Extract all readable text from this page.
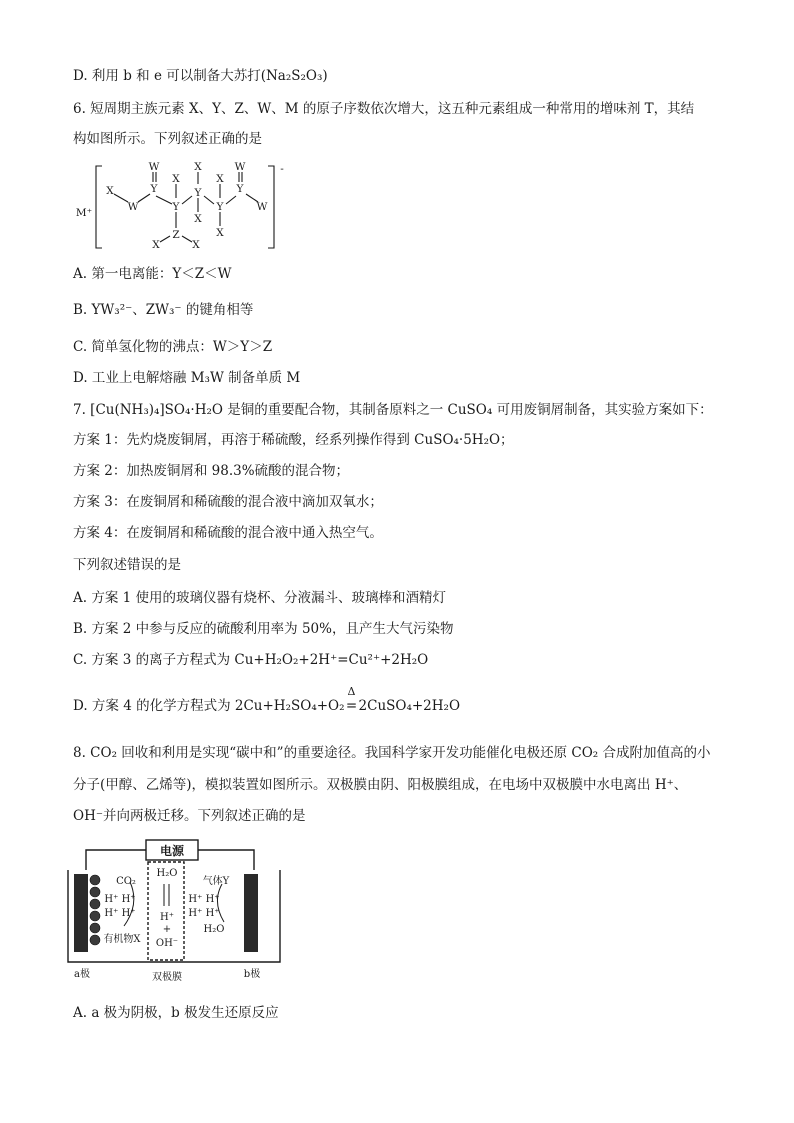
D. 利用 b 和 e 可以制备大苏打(Na₂S₂O₃)
6. 短周期主族元素 X、Y、Z、W、M 的原子序数依次增大，这五种元素组成一种常用的增味剂 T，其结
构如图所示。下列叙述正确的是
M⁺
-
W	W
X
X
X	X
X
X
X	X
Y
Y
Y
Y
Y
W	W
Z
A. 第一电离能：Y＜Z＜W
B. YW₃²⁻、ZW₃⁻ 的键角相等
C. 简单氢化物的沸点：W＞Y＞Z
D. 工业上电解熔融 M₃W 制备单质 M
7. [Cu(NH₃)₄]SO₄·H₂O 是铜的重要配合物，其制备原料之一 CuSO₄ 可用废铜屑制备，其实验方案如下：
方案 1：先灼烧废铜屑，再溶于稀硫酸，经系列操作得到 CuSO₄·5H₂O；
方案 2：加热废铜屑和 98.3%硫酸的混合物；
方案 3：在废铜屑和稀硫酸的混合液中滴加双氧水；
方案 4：在废铜屑和稀硫酸的混合液中通入热空气。
下列叙述错误的是
A. 方案 1 使用的玻璃仪器有烧杯、分液漏斗、玻璃棒和酒精灯
B. 方案 2 中参与反应的硫酸利用率为 50%，且产生大气污染物
C. 方案 3 的离子方程式为 Cu+H₂O₂+2H⁺=Cu²⁺+2H₂O
D. 方案 4 的化学方程式为 2Cu+H₂SO₄+O₂
Δ
=2CuSO₄+2H₂O
8. CO₂ 回收和利用是实现“碳中和”的重要途径。我国科学家开发功能催化电极还原 CO₂ 合成附加值高的小
分子(甲醇、乙烯等)，模拟装置如图所示。双极膜由阴、阳极膜组成，在电场中双极膜中水电离出 H⁺、
OH⁻并向两极迁移。下列叙述正确的是
电源
CO₂
H⁺ H⁺
H⁺ H⁺
有机物X
H₂O
H⁺
+
OH⁻
气体Y
H⁺ H⁺
H⁺ H⁺
H₂O
a极	双极膜	b极
A. a 极为阴极，b 极发生还原反应
